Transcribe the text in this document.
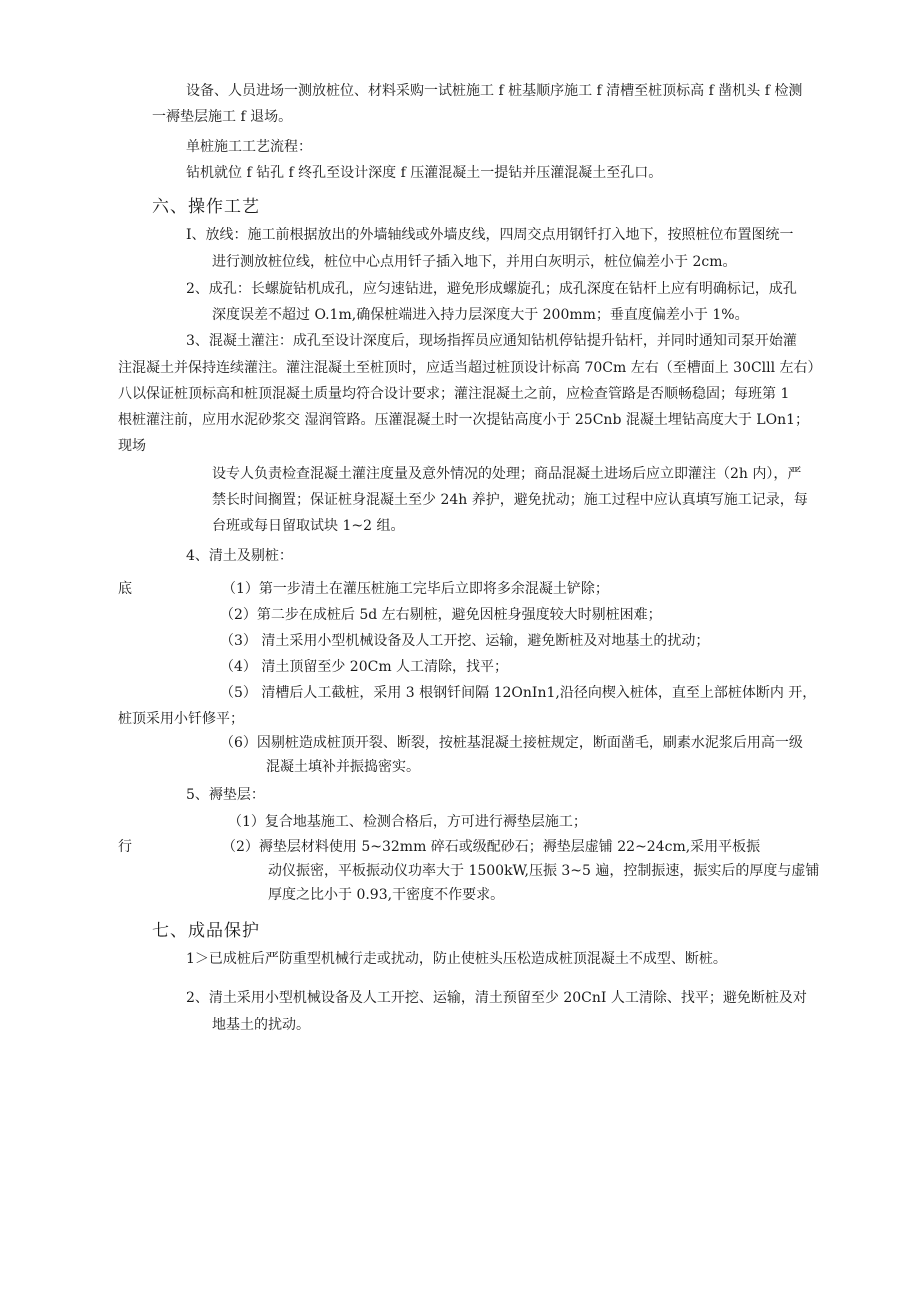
设备、人员进场一测放桩位、材料采购一试桩施工 f 桩基顺序施工 f 清槽至桩顶标高 f 凿机头 f 检测
一褥垫层施工 f 退场。
单桩施工工艺流程：
钻机就位 f 钻孔 f 终孔至设计深度 f 压灌混凝土一提钻并压灌混凝土至孔口。
六、操作工艺
I、放线：施工前根据放出的外墙轴线或外墙皮线，四周交点用钢钎打入地下，按照桩位布置图统一
进行测放桩位线，桩位中心点用钎子插入地下，并用白灰明示，桩位偏差小于 2cm。
2、成孔：长螺旋钻机成孔，应匀速钻进，避免形成螺旋孔；成孔深度在钻杆上应有明确标记，成孔
深度误差不超过 O.1m,确保桩端进入持力层深度大于 200mm；垂直度偏差小于 1%。
3、混凝土灌注：成孔至设计深度后，现场指挥员应通知钻机停钻提升钻杆，并同时通知司泵开始灌
注混凝土并保持连续灌注。灌注混凝土至桩顶时，应适当超过桩顶设计标高 70Cm 左右（至槽面上 30Clll 左右）
八以保证桩顶标高和桩顶混凝土质量均符合设计要求；灌注混凝土之前，应检查管路是否顺畅稳固；每班第 1
根桩灌注前，应用水泥砂浆交 湿润管路。压灌混凝土时一次提钻高度小于 25Cnb 混凝土埋钻高度大于 LOn1；
现场
设专人负责检查混凝土灌注度量及意外情况的处理；商品混凝土进场后应立即灌注（2h 内），严
禁长时间搁置；保证桩身混凝土至少 24h 养护，避免扰动；施工过程中应认真填写施工记录，每
台班或每日留取试块 1~2 组。
4、清土及剔桩：
底	（1）第一步清土在灌压桩施工完毕后立即将多余混凝土铲除；
（2）第二步在成桩后 5d 左右剔桩，避免因桩身强度较大时剔桩困难；
（3） 清土采用小型机械设备及人工开挖、运输，避免断桩及对地基土的扰动；
（4） 清土顶留至少 20Cm 人工清除，找平；
（5） 清槽后人工截桩，采用 3 根钢钎间隔 12OnIn1,沿径向楔入桩体，直至上部桩体断内 开，
桩顶采用小钎修平；
（6）因剔桩造成桩顶开裂、断裂，按桩基混凝土接桩规定，断面凿毛，刷素水泥浆后用高一级
混凝土填补并振捣密实。
5、褥垫层：
（1）复合地基施工、检测合格后，方可进行褥垫层施工；
行	（2）褥垫层材料使用 5~32mm 碎石或级配砂石；褥垫层虚铺 22~24cm,采用平板振
动仪振密，平板振动仪功率大于 1500kW,压振 3~5 遍，控制振速，振实后的厚度与虚铺
厚度之比小于 0.93,干密度不作要求。
七、成品保护
1＞已成桩后严防重型机械行走或扰动，防止使桩头压松造成桩顶混凝土不成型、断桩。
2、清土采用小型机械设备及人工开挖、运输，清土预留至少 20CnI 人工清除、找平；避免断桩及对
地基土的扰动。
